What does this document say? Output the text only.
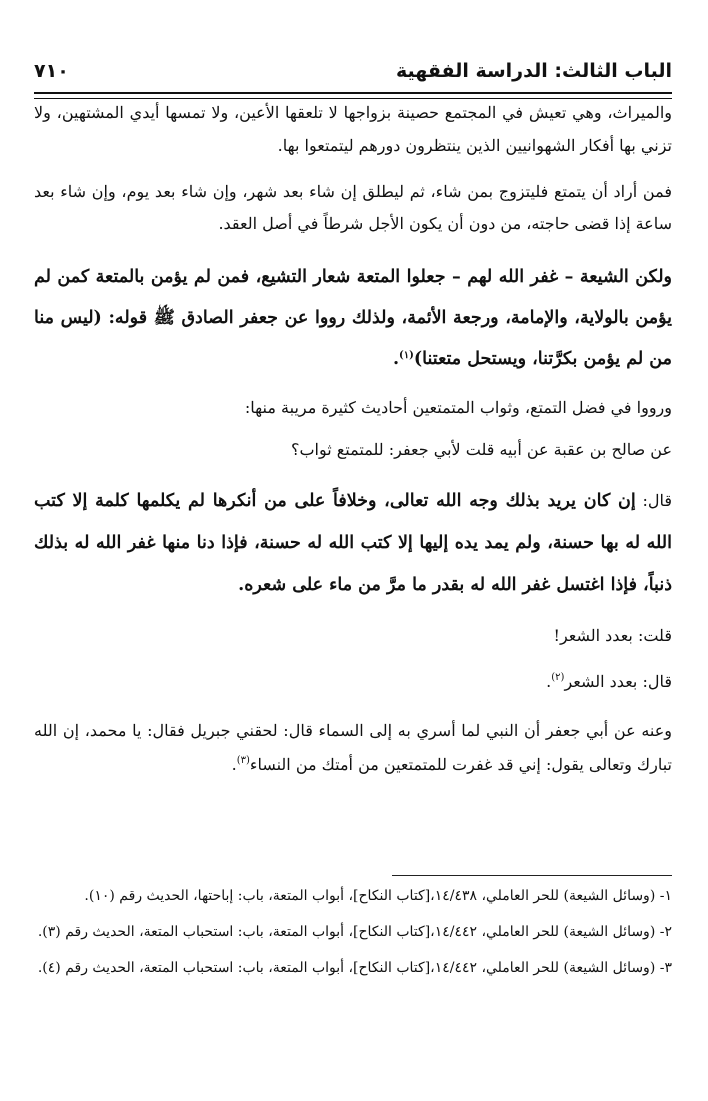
الباب الثالث: الدراسة الفقهية
٧١٠

والميراث، وهي تعيش في المجتمع حصينة بزواجها لا تلعقها الأعين، ولا تمسها أيدي المشتهين، ولا تزني بها أفكار الشهوانيين الذين ينتظرون دورهم ليتمتعوا بها.

فمن أراد أن يتمتع فليتزوج بمن شاء، ثم ليطلق إن شاء بعد شهر، وإن شاء بعد يوم، وإن شاء بعد ساعة إذا قضى حاجته، من دون أن يكون الأجل شرطاً في أصل العقد.

ولكن الشيعة – غفر الله لهم – جعلوا المتعة شعار التشيع، فمن لم يؤمن بالمتعة كمن لم يؤمن بالولاية، والإمامة، ورجعة الأئمة، ولذلك رووا عن جعفر الصادق ﷺ قوله: (ليس منا من لم يؤمن بكرَّتنا، ويستحل متعتنا)$^{(١)}$.

ورووا في فضل التمتع، وثواب المتمتعين أحاديث كثيرة مريبة منها:

عن صالح بن عقبة عن أبيه قلت لأبي جعفر: للمتمتع ثواب؟

قال: إن كان يريد بذلك وجه الله تعالى، وخلافاً على من أنكرها لم يكلمها كلمة إلا كتب الله له بها حسنة، ولم يمد يده إليها إلا كتب الله له حسنة، فإذا دنا منها غفر الله له بذلك ذنباً، فإذا اغتسل غفر الله له بقدر ما مرَّ من ماء على شعره.

قلت: بعدد الشعر!

قال: بعدد الشعر$^{(٢)}$.

وعنه عن أبي جعفر أن النبي لما أسري به إلى السماء قال: لحقني جبريل فقال: يا محمد، إن الله تبارك وتعالى يقول: إني قد غفرت للمتمتعين من أمتك من النساء$^{(٣)}$.

١- (وسائل الشيعة) للحر العاملي، ١٤/٤٣٨،[كتاب النكاح]، أبواب المتعة، باب: إباحتها، الحديث رقم (١٠).

٢- (وسائل الشيعة) للحر العاملي، ١٤/٤٤٢،[كتاب النكاح]، أبواب المتعة، باب: استحباب المتعة، الحديث رقم (٣).

٣- (وسائل الشيعة) للحر العاملي، ١٤/٤٤٢،[كتاب النكاح]، أبواب المتعة، باب: استحباب المتعة، الحديث رقم (٤).
